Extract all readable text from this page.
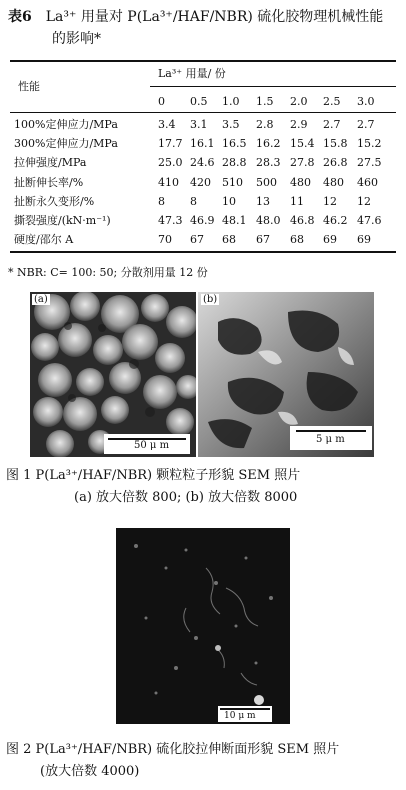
表6 La³⁺ 用量对 P(La³⁺/HAF/NBR) 硫化胶物理机械性能
的影响*
性能
La³⁺ 用量/ 份
0 0.5 1.0 1.5 2.0 2.5 3.0
100%定伸应力/MPa	3.4 3.1 3.5 2.8 2.9 2.7 2.7
300%定伸应力/MPa	17.7 16.1 16.5 16.2 15.4 15.8 15.2
拉伸强度/MPa	25.0 24.6 28.8 28.3 27.8 26.8 27.5
扯断伸长率/%	410 420 510 500 480 480 460
扯断永久变形/%	8 8 10 13 11 12 12
撕裂强度/(kN·m⁻¹)	47.3 46.9 48.1 48.0 46.8 46.2 47.6
硬度/邵尔 A	70 67 68 67 68 69 69
* NBR: C= 100: 50; 分散剂用量 12 份
(a)
50 μ m
(b)
5 μ m
图 1 P(La³⁺/HAF/NBR) 颗粒粒子形貌 SEM 照片
(a) 放大倍数 800; (b) 放大倍数 8000
10 μ m
图 2 P(La³⁺/HAF/NBR) 硫化胶拉伸断面形貌 SEM 照片
(放大倍数 4000)
